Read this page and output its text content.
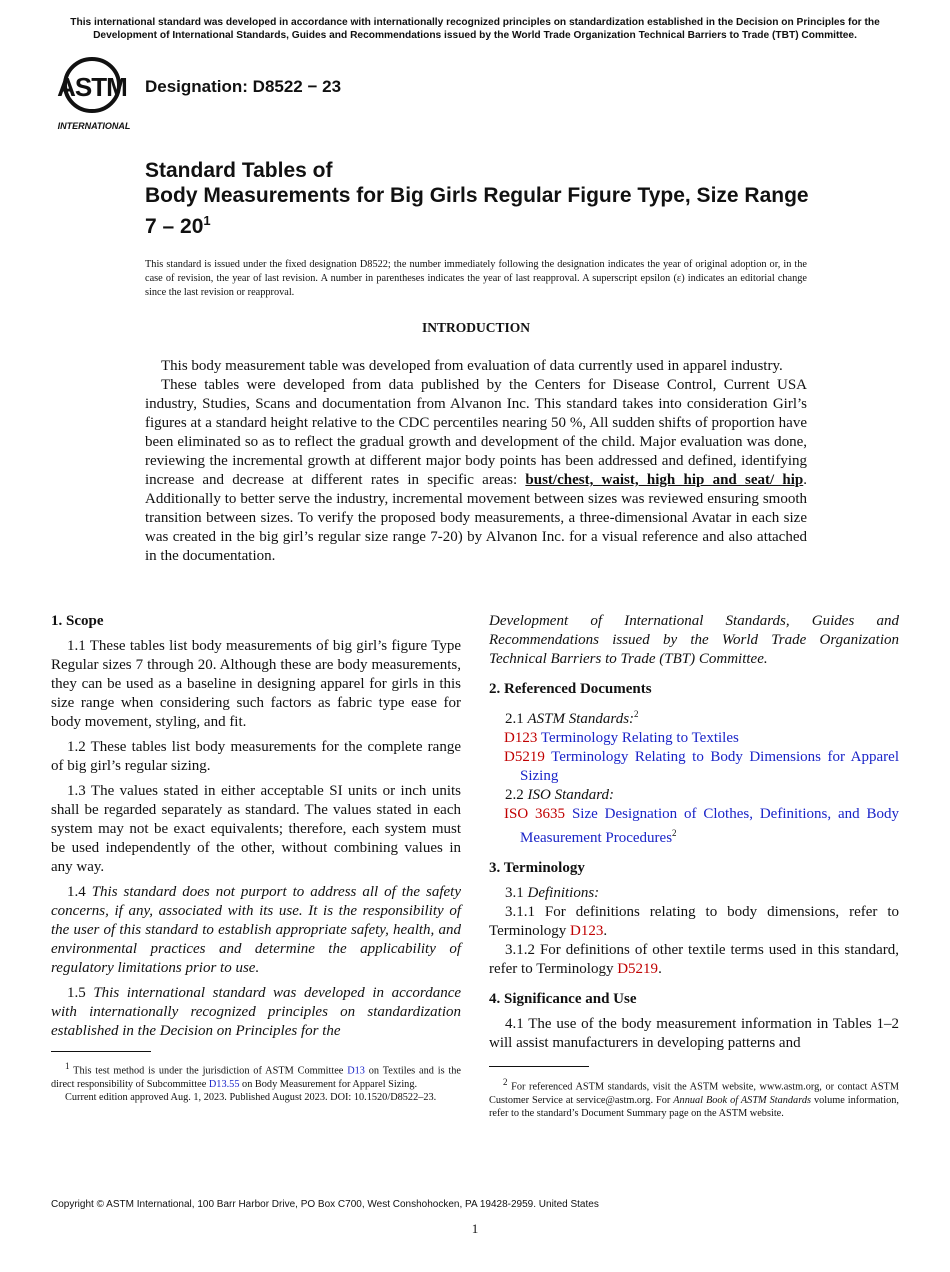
This international standard was developed in accordance with internationally recognized principles on standardization established in the Decision on Principles for the
Development of International Standards, Guides and Recommendations issued by the World Trade Organization Technical Barriers to Trade (TBT) Committee.
ASTM
INTERNATIONAL
Designation: D8522 − 23
Standard Tables of
Body Measurements for Big Girls Regular Figure Type, Size Range $7 - 20^1$
This standard is issued under the fixed designation D8522; the number immediately following the designation indicates the year of original adoption or, in the case of revision, the year of last revision. A number in parentheses indicates the year of last reapproval. A superscript epsilon (ε) indicates an editorial change since the last revision or reapproval.
INTRODUCTION

This body measurement table was developed from evaluation of data currently used in apparel industry.

These tables were developed from data published by the Centers for Disease Control, Current USA industry, Studies, Scans and documentation from Alvanon Inc. This standard takes into consideration Girl’s figures at a standard height relative to the CDC percentiles nearing 50 %, All sudden shifts of proportion have been eliminated so as to reflect the gradual growth and development of the child. Major evaluation was done, reviewing the incremental growth at different major body points has been addressed and defined, identifying increase and decrease at different rates in specific areas: bust/chest, waist, high hip and seat/ hip. Additionally to better serve the industry, incremental movement between sizes was reviewed ensuring smooth transition between sizes. To verify the proposed body measurements, a three-dimensional Avatar in each size was created in the big girl’s regular size range 7-20) by Alvanon Inc. for a visual reference and also attached in the documentation.

1. Scope

1.1 These tables list body measurements of big girl’s figure Type Regular sizes 7 through 20. Although these are body measurements, they can be used as a baseline in designing apparel for girls in this size range when considering such factors as fabric type ease for body movement, styling, and fit.

1.2 These tables list body measurements for the complete range of big girl’s regular sizing.

1.3 The values stated in either acceptable SI units or inch units shall be regarded separately as standard. The values stated in each system may not be exact equivalents; therefore, each system must be used independently of the other, without combining values in any way.

1.4 This standard does not purport to address all of the safety concerns, if any, associated with its use. It is the responsibility of the user of this standard to establish appropriate safety, health, and environmental practices and determine the applicability of regulatory limitations prior to use.

1.5 This international standard was developed in accordance with internationally recognized principles on standardization established in the Decision on Principles for the

$^1$ This test method is under the jurisdiction of ASTM Committee D13 on Textiles and is the direct responsibility of Subcommittee D13.55 on Body Measurement for Apparel Sizing.

Current edition approved Aug. 1, 2023. Published August 2023. DOI: 10.1520/D8522–23.

Development of International Standards, Guides and Recommendations issued by the World Trade Organization Technical Barriers to Trade (TBT) Committee.

2. Referenced Documents

2.1 ASTM Standards:$^2$

D123 Terminology Relating to Textiles

D5219 Terminology Relating to Body Dimensions for Apparel Sizing

2.2 ISO Standard:

ISO 3635 Size Designation of Clothes, Definitions, and Body Measurement Procedures$^2$

3. Terminology

3.1 Definitions:

3.1.1 For definitions relating to body dimensions, refer to Terminology D123.

3.1.2 For definitions of other textile terms used in this standard, refer to Terminology D5219.

4. Significance and Use

4.1 The use of the body measurement information in Tables 1–2 will assist manufacturers in developing patterns and

$^2$ For referenced ASTM standards, visit the ASTM website, www.astm.org, or contact ASTM Customer Service at service@astm.org. For Annual Book of ASTM Standards volume information, refer to the standard’s Document Summary page on the ASTM website.

Copyright © ASTM International, 100 Barr Harbor Drive, PO Box C700, West Conshohocken, PA 19428-2959. United States
1
